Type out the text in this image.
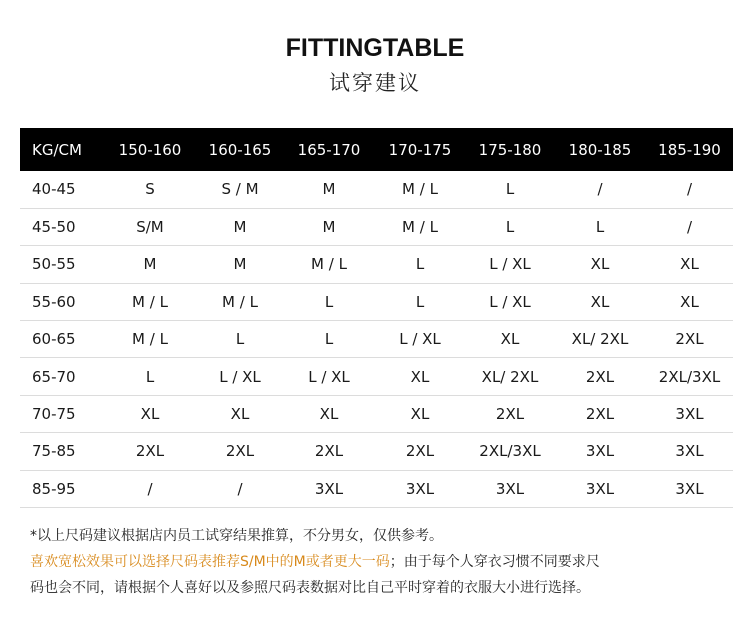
FITTINGTABLE
试穿建议
KG/CM	150-160	160-165	165-170	170-175	175-180	180-185	185-190
40-45	S	S / M	M	M / L	L	/	/
45-50	S/M	M	M	M / L	L	L	/
50-55	M	M	M / L	L	L / XL	XL	XL
55-60	M / L	M / L	L	L	L / XL	XL	XL
60-65	M / L	L	L	L / XL	XL	XL/ 2XL	2XL
65-70	L	L / XL	L / XL	XL	XL/ 2XL	2XL	2XL/3XL
70-75	XL	XL	XL	XL	2XL	2XL	3XL
75-85	2XL	2XL	2XL	2XL	2XL/3XL	3XL	3XL
85-95	/	/	3XL	3XL	3XL	3XL	3XL

*以上尺码建议根据店内员工试穿结果推算，不分男女，仅供参考。

喜欢宽松效果可以选择尺码表推荐S/M中的M或者更大一码；由于每个人穿衣习惯不同要求尺

码也会不同，请根据个人喜好以及参照尺码表数据对比自己平时穿着的衣服大小进行选择。
